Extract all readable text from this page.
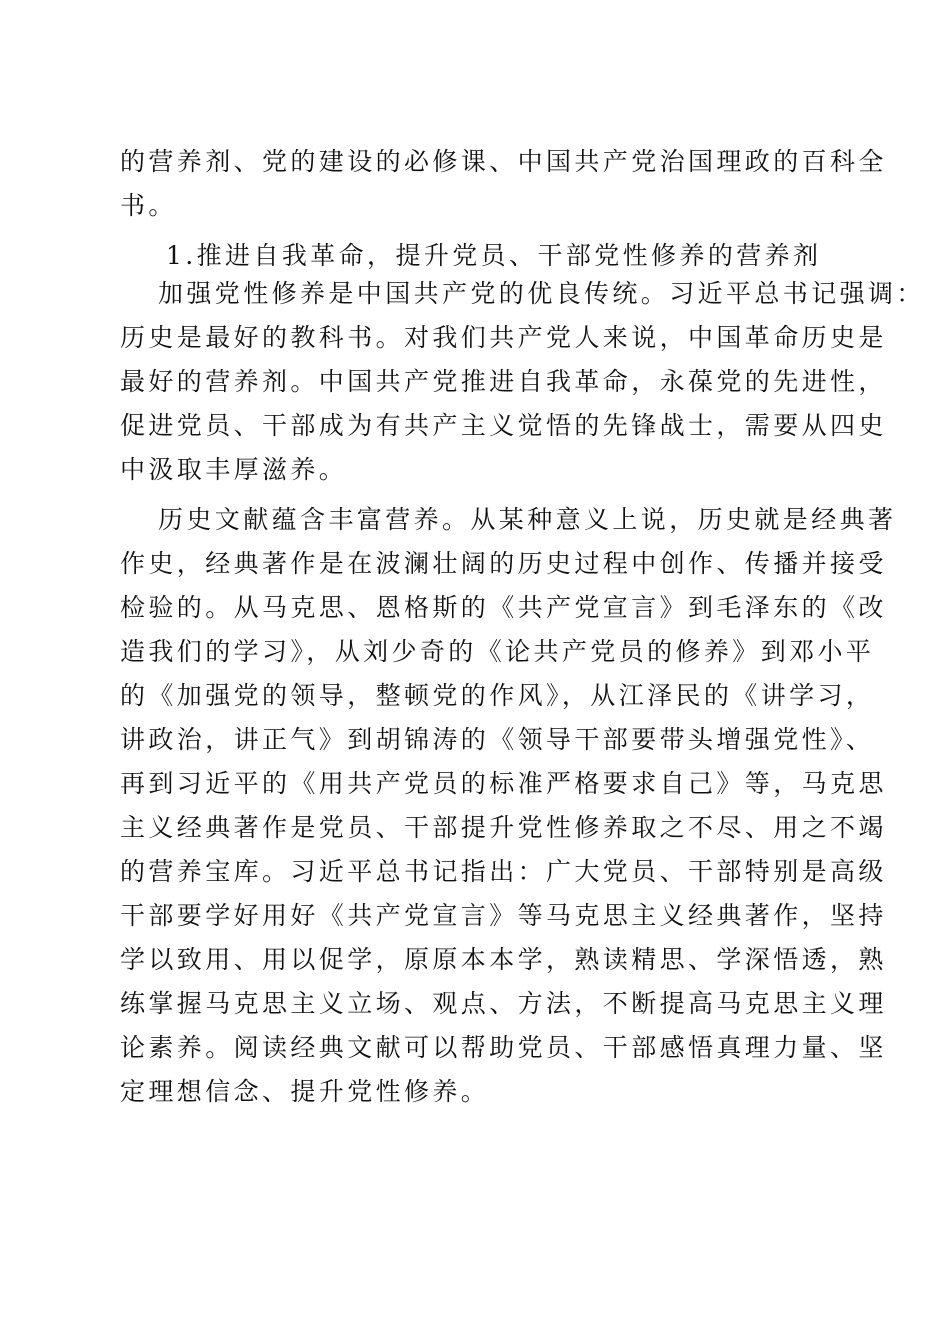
的营养剂、党的建设的必修课、中国共产党治国理政的百科全
书。
1.推进自我革命，提升党员、干部党性修养的营养剂
加强党性修养是中国共产党的优良传统。习近平总书记强调：
历史是最好的教科书。对我们共产党人来说，中国革命历史是
最好的营养剂。中国共产党推进自我革命，永葆党的先进性，
促进党员、干部成为有共产主义觉悟的先锋战士，需要从四史
中汲取丰厚滋养。
历史文献蕴含丰富营养。从某种意义上说，历史就是经典著
作史，经典著作是在波澜壮阔的历史过程中创作、传播并接受
检验的。从马克思、恩格斯的《共产党宣言》到毛泽东的《改
造我们的学习》，从刘少奇的《论共产党员的修养》到邓小平
的《加强党的领导，整顿党的作风》，从江泽民的《讲学习，
讲政治，讲正气》到胡锦涛的《领导干部要带头增强党性》、
再到习近平的《用共产党员的标准严格要求自己》等，马克思
主义经典著作是党员、干部提升党性修养取之不尽、用之不竭
的营养宝库。习近平总书记指出：广大党员、干部特别是高级
干部要学好用好《共产党宣言》等马克思主义经典著作，坚持
学以致用、用以促学，原原本本学，熟读精思、学深悟透，熟
练掌握马克思主义立场、观点、方法，不断提高马克思主义理
论素养。阅读经典文献可以帮助党员、干部感悟真理力量、坚
定理想信念、提升党性修养。
